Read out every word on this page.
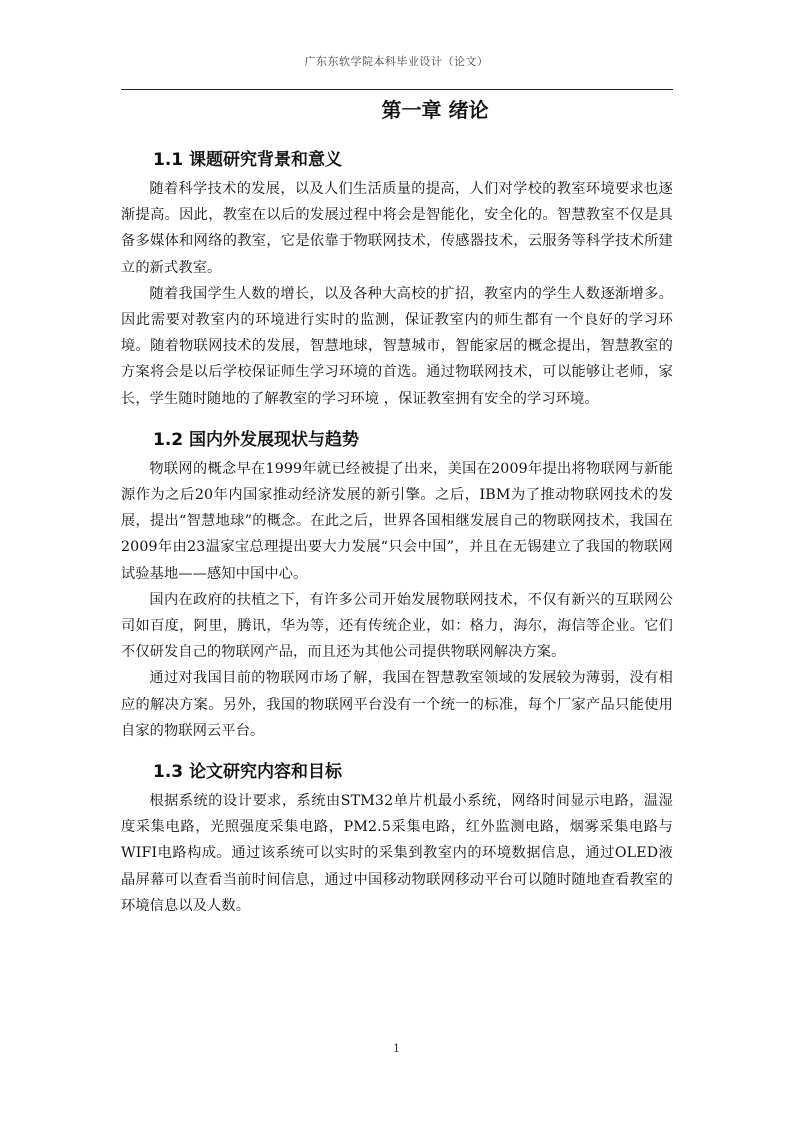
广东东软学院本科毕业设计（论文）
第一章 绪论
1.1 课题研究背景和意义

随着科学技术的发展，以及人们生活质量的提高，人们对学校的教室环境要求也逐渐提高。因此，教室在以后的发展过程中将会是智能化，安全化的。智慧教室不仅是具备多媒体和网络的教室，它是依靠于物联网技术，传感器技术，云服务等科学技术所建立的新式教室。

随着我国学生人数的增长，以及各种大高校的扩招，教室内的学生人数逐渐增多。因此需要对教室内的环境进行实时的监测，保证教室内的师生都有一个良好的学习环境。随着物联网技术的发展，智慧地球，智慧城市，智能家居的概念提出，智慧教室的方案将会是以后学校保证师生学习环境的首选。通过物联网技术，可以能够让老师，家长，学生随时随地的了解教室的学习环境 ，保证教室拥有安全的学习环境。

1.2 国内外发展现状与趋势

物联网的概念早在1999年就已经被提了出来，美国在2009年提出将物联网与新能源作为之后20年内国家推动经济发展的新引擎。之后，IBM为了推动物联网技术的发展，提出“智慧地球”的概念。在此之后，世界各国相继发展自己的物联网技术，我国在2009年由23温家宝总理提出要大力发展“只会中国”，并且在无锡建立了我国的物联网试验基地——感知中国中心。

国内在政府的扶植之下，有许多公司开始发展物联网技术，不仅有新兴的互联网公司如百度，阿里，腾讯，华为等，还有传统企业，如：格力，海尔，海信等企业。它们不仅研发自己的物联网产品，而且还为其他公司提供物联网解决方案。

通过对我国目前的物联网市场了解，我国在智慧教室领域的发展较为薄弱，没有相应的解决方案。另外，我国的物联网平台没有一个统一的标准，每个厂家产品只能使用自家的物联网云平台。

1.3 论文研究内容和目标

根据系统的设计要求，系统由STM32单片机最小系统，网络时间显示电路，温湿度采集电路，光照强度采集电路，PM2.5采集电路，红外监测电路，烟雾采集电路与WIFI电路构成。通过该系统可以实时的采集到教室内的环境数据信息，通过OLED液晶屏幕可以查看当前时间信息，通过中国移动物联网移动平台可以随时随地查看教室的环境信息以及人数。

1
